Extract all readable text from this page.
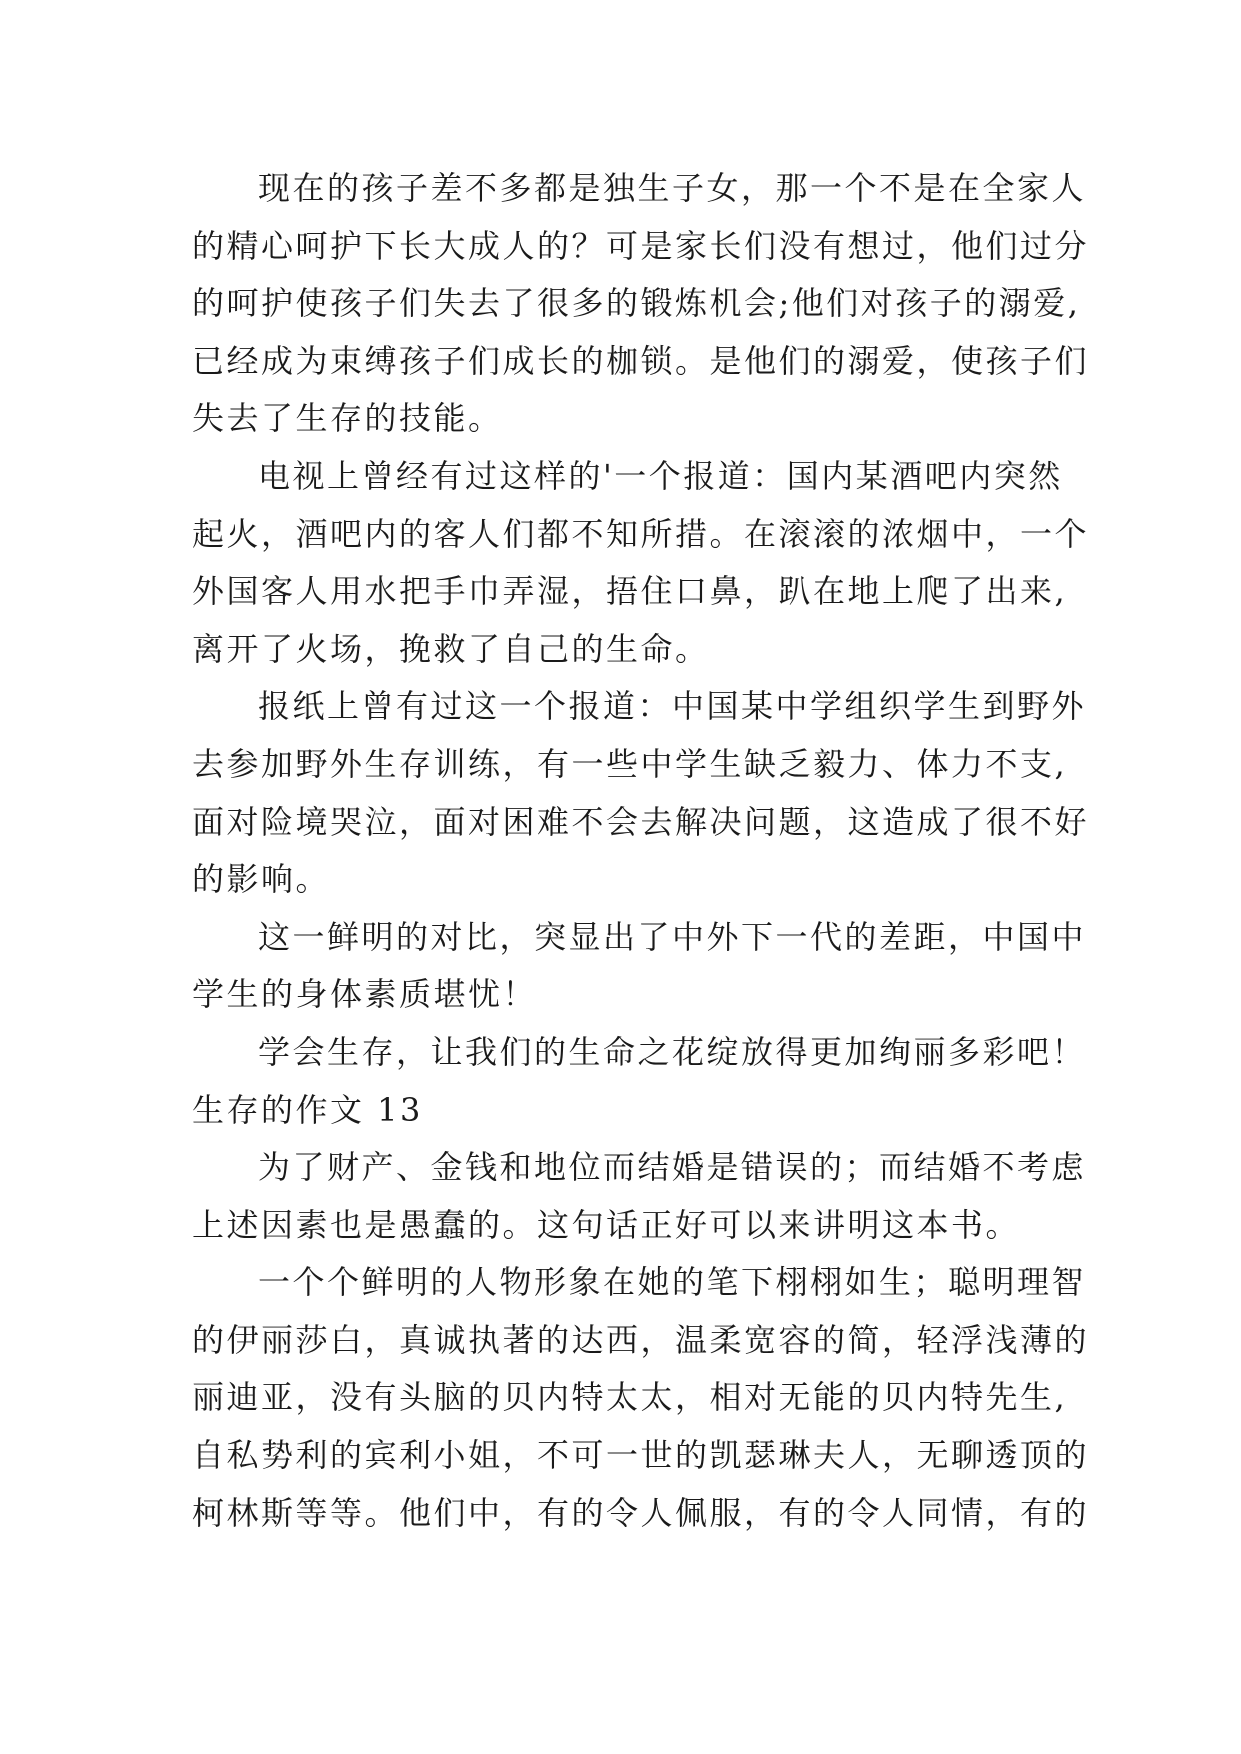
现在的孩子差不多都是独生子女，那一个不是在全家人的精心呵护下长大成人的？可是家长们没有想过，他们过分的呵护使孩子们失去了很多的锻炼机会;他们对孩子的溺爱,已经成为束缚孩子们成长的枷锁。是他们的溺爱，使孩子们失去了生存的技能。

电视上曾经有过这样的'一个报道：国内某酒吧内突然起火，酒吧内的客人们都不知所措。在滚滚的浓烟中，一个外国客人用水把手巾弄湿，捂住口鼻，趴在地上爬了出来,离开了火场，挽救了自己的生命。

报纸上曾有过这一个报道：中国某中学组织学生到野外去参加野外生存训练，有一些中学生缺乏毅力、体力不支,面对险境哭泣，面对困难不会去解决问题，这造成了很不好的影响。

这一鲜明的对比，突显出了中外下一代的差距，中国中学生的身体素质堪忧！

学会生存，让我们的生命之花绽放得更加绚丽多彩吧！

生存的作文 13

为了财产、金钱和地位而结婚是错误的；而结婚不考虑上述因素也是愚蠢的。这句话正好可以来讲明这本书。

一个个鲜明的人物形象在她的笔下栩栩如生；聪明理智的伊丽莎白，真诚执著的达西，温柔宽容的简，轻浮浅薄的丽迪亚，没有头脑的贝内特太太，相对无能的贝内特先生,自私势利的宾利小姐，不可一世的凯瑟琳夫人，无聊透顶的柯林斯等等。他们中，有的令人佩服，有的令人同情，有的
